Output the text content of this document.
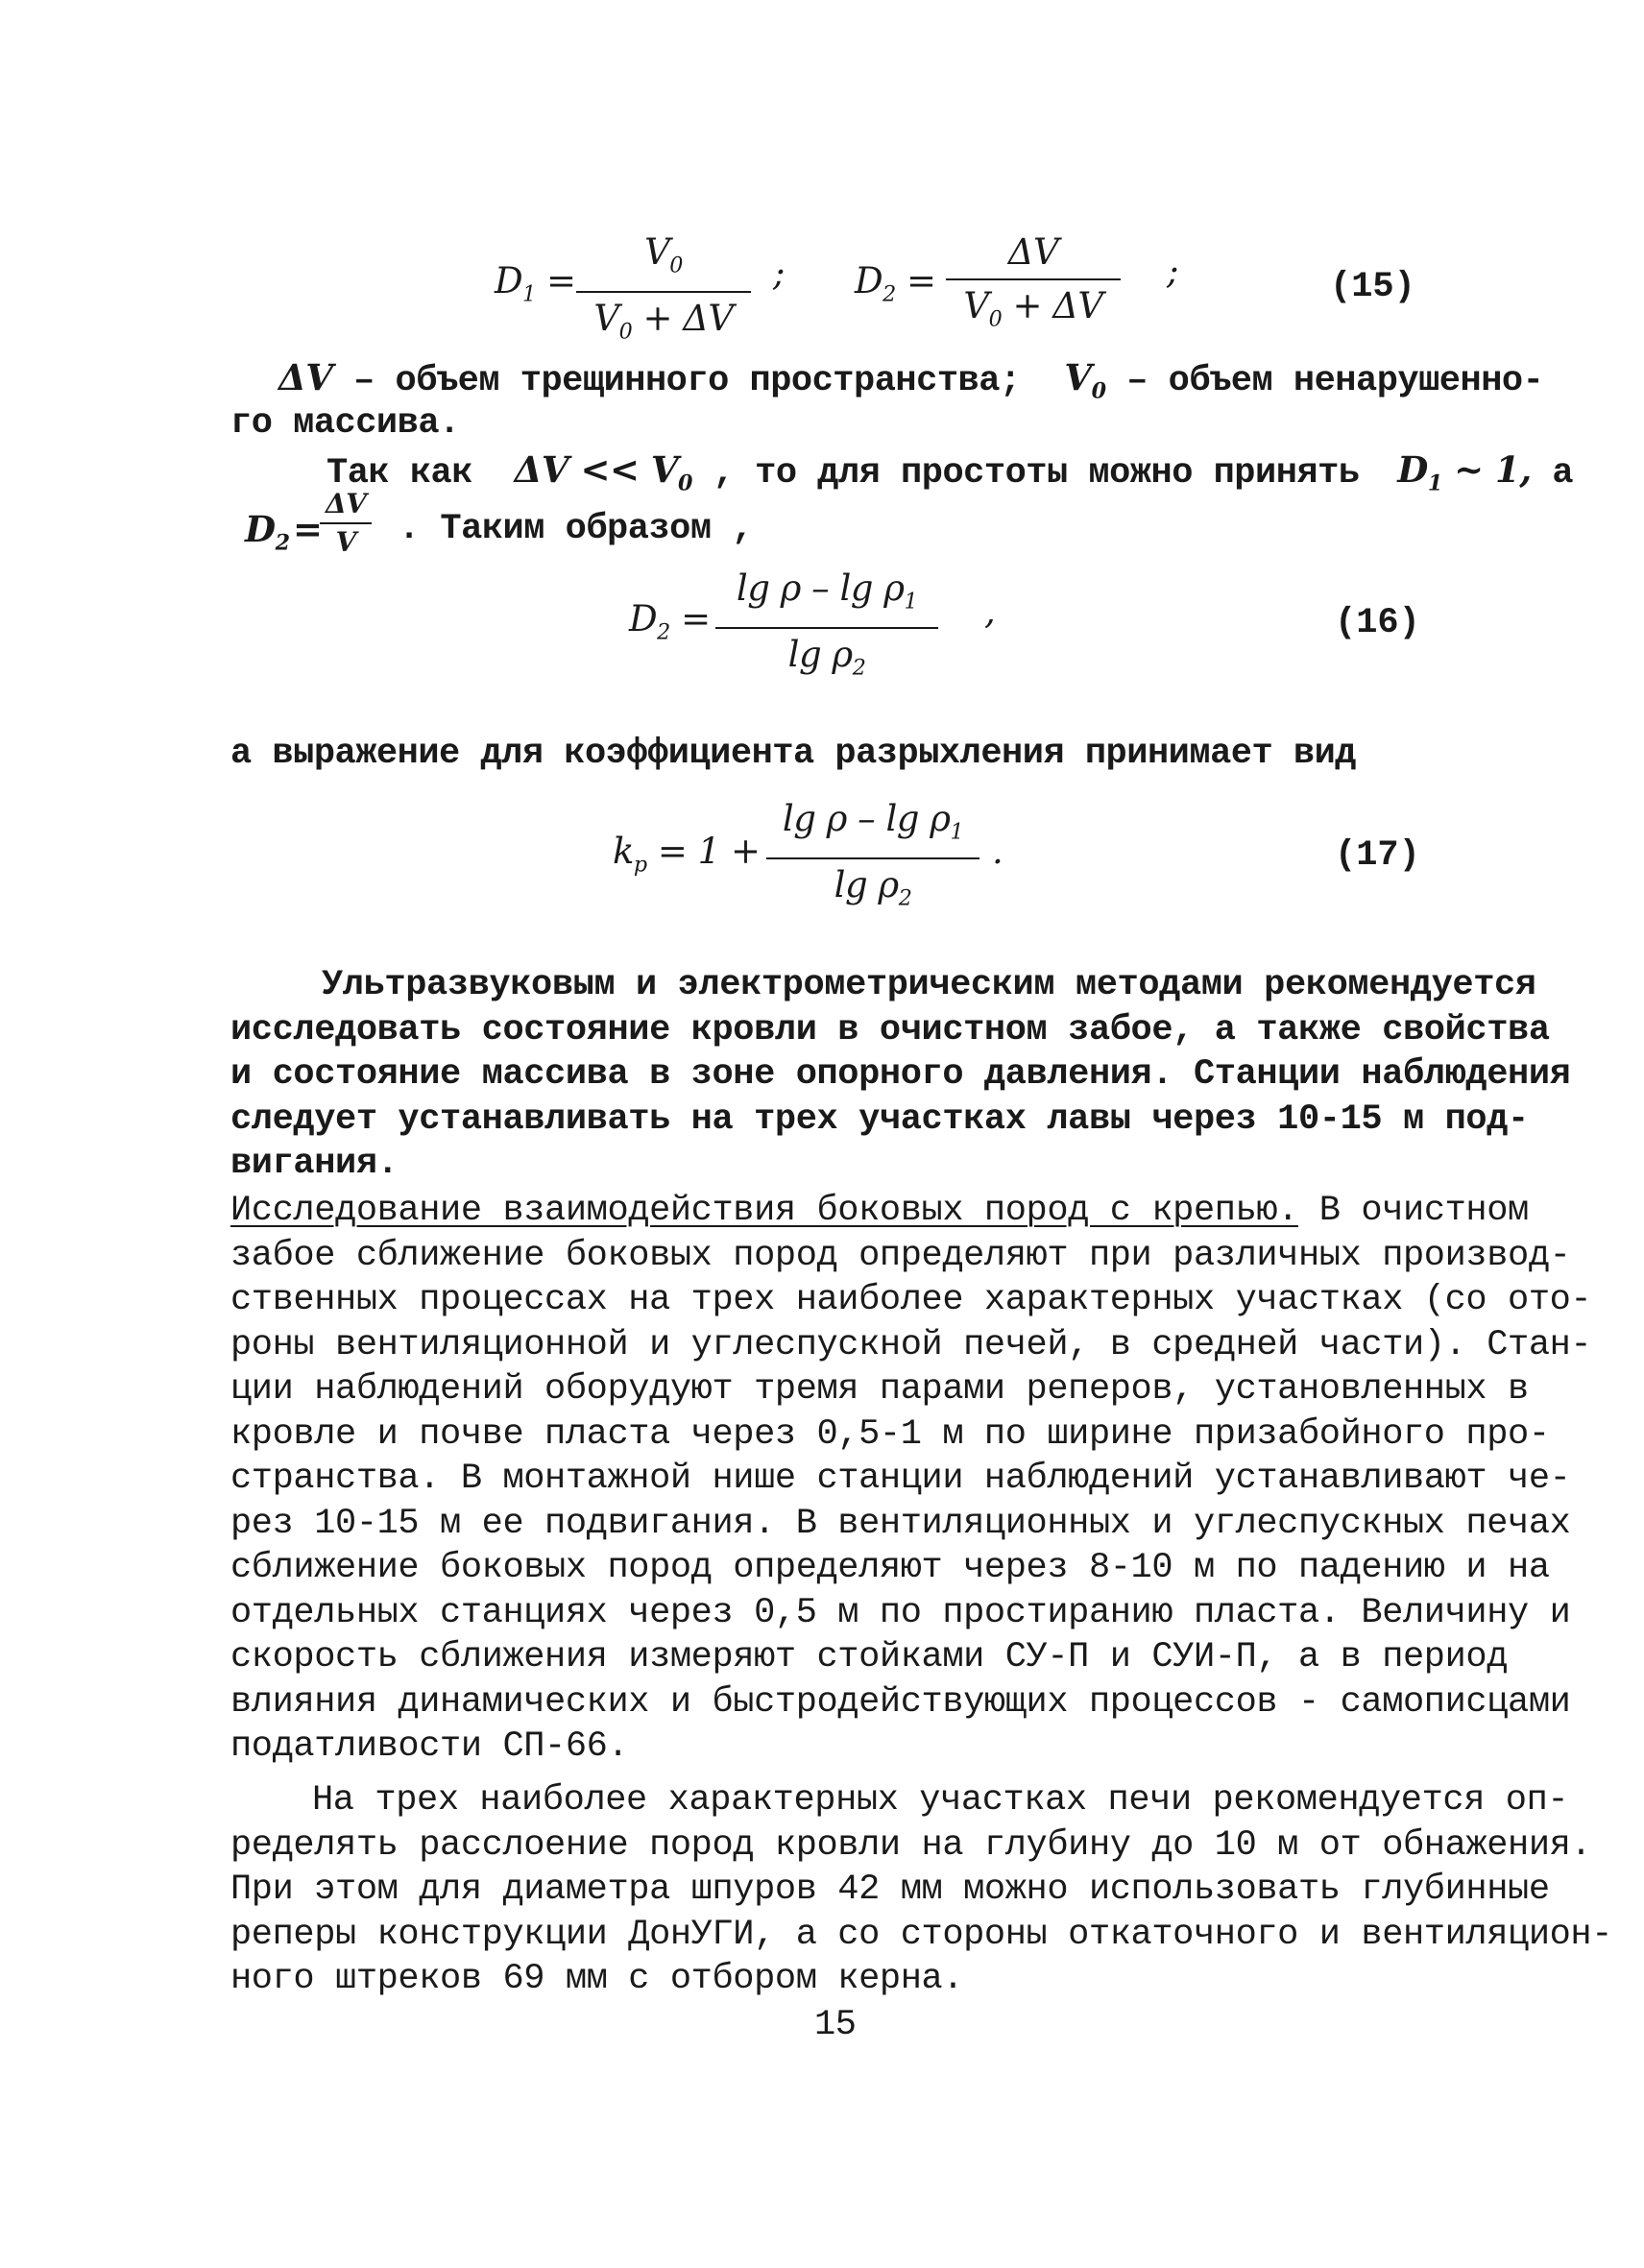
$D_1 = \frac{V_0}{V_0 + \Delta V}$ ; $D_2 = \frac{\Delta V}{V_0 + \Delta V}$ ;	(15)
ΔV – объем трещинного пространства; $V_0$ – объем ненарушенно-
го массива.
Так как $\Delta V << V_0$ , то для простоты можно принять $D_1$ ~ 1, а
$D_2$ =
$\frac{\Delta V}{V}$ . Таким образом ,
$D_2 = \frac{\lg \rho - \lg \rho_1}{\lg \rho_2}$ ,	(16)
а выражение для коэффициента разрыхления принимает вид
$k_p = 1 + \frac{\lg \rho - \lg \rho_1}{\lg \rho_2}$ .	(17)

Ультразвуковым и электрометрическим методами рекомендуется

исследовать состояние кровли в очистном забое, а также свойства

и состояние массива в зоне опорного давления. Станции наблюдения

следует устанавливать на трех участках лавы через 10-15 м под-

вигания.

Исследование взаимодействия боковых пород с крепью. В очистном

забое сближение боковых пород определяют при различных производ-

ственных процессах на трех наиболее характерных участках (со ото-

роны вентиляционной и углеспускной печей, в средней части). Стан-

ции наблюдений оборудуют тремя парами реперов, установленных в

кровле и почве пласта через 0,5-1 м по ширине призабойного про-

странства. В монтажной нише станции наблюдений устанавливают че-

рез 10-15 м ее подвигания. В вентиляционных и углеспускных печах

сближение боковых пород определяют через 8-10 м по падению и на

отдельных станциях через 0,5 м по простиранию пласта. Величину и

скорость сближения измеряют стойками СУ-П и СУИ-П, а в период

влияния динамических и быстродействующих процессов - самописцами

податливости СП-66.

На трех наиболее характерных участках печи рекомендуется оп-

ределять расслоение пород кровли на глубину до 10 м от обнажения.

При этом для диаметра шпуров 42 мм можно использовать глубинные

реперы конструкции ДонУГИ, а со стороны откаточного и вентиляцион-

ного штреков 69 мм с отбором керна.

15
